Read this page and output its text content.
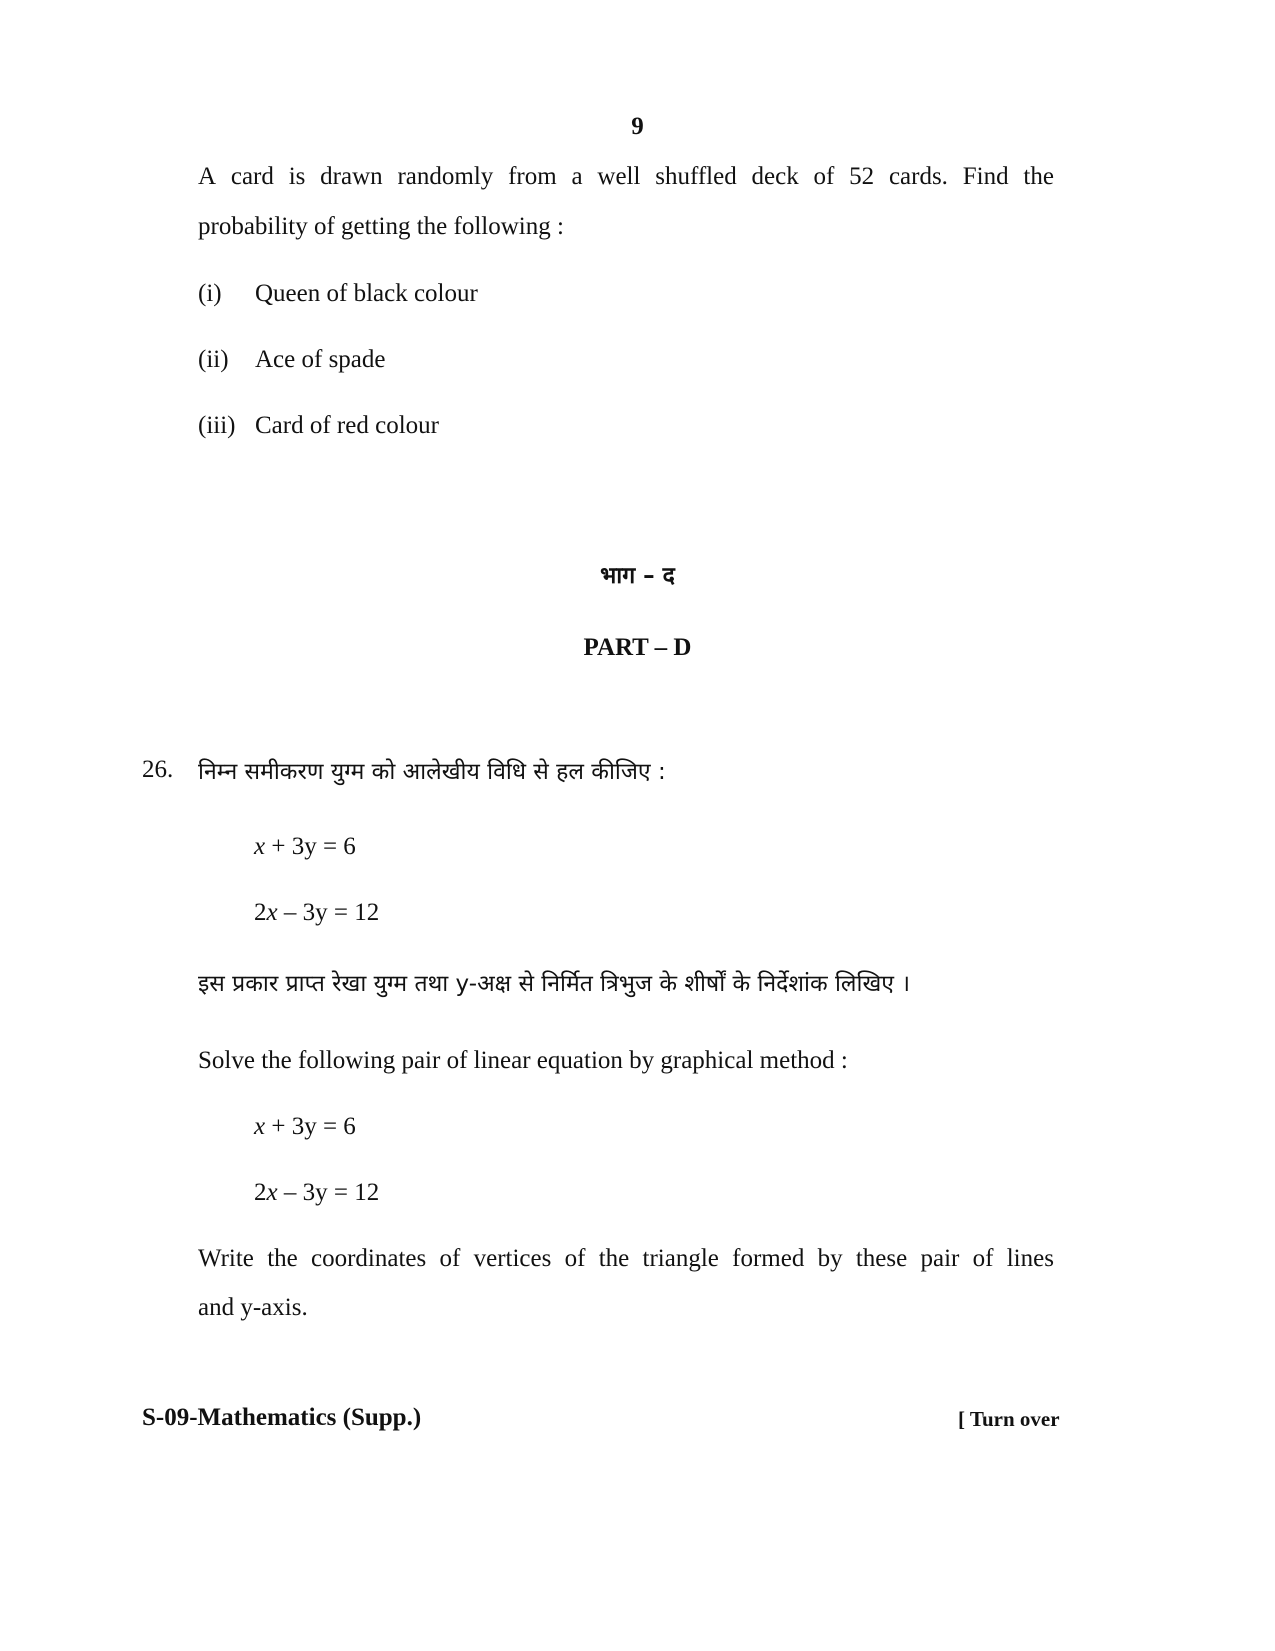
9
A card is drawn randomly from a well shuffled deck of 52 cards. Find the
probability of getting the following :
(i) Queen of black colour
(ii) Ace of spade
(iii) Card of red colour
भाग – द
PART – D
26. निम्न समीकरण युग्म को आलेखीय विधि से हल कीजिए :
x + 3y = 6
2x – 3y = 12
इस प्रकार प्राप्त रेखा युग्म तथा y-अक्ष से निर्मित त्रिभुज के शीर्षों के निर्देशांक लिखिए ।
Solve the following pair of linear equation by graphical method :
x + 3y = 6
2x – 3y = 12
Write the coordinates of vertices of the triangle formed by these pair of lines
and y-axis.
S-09-Mathematics (Supp.)	[ Turn over
